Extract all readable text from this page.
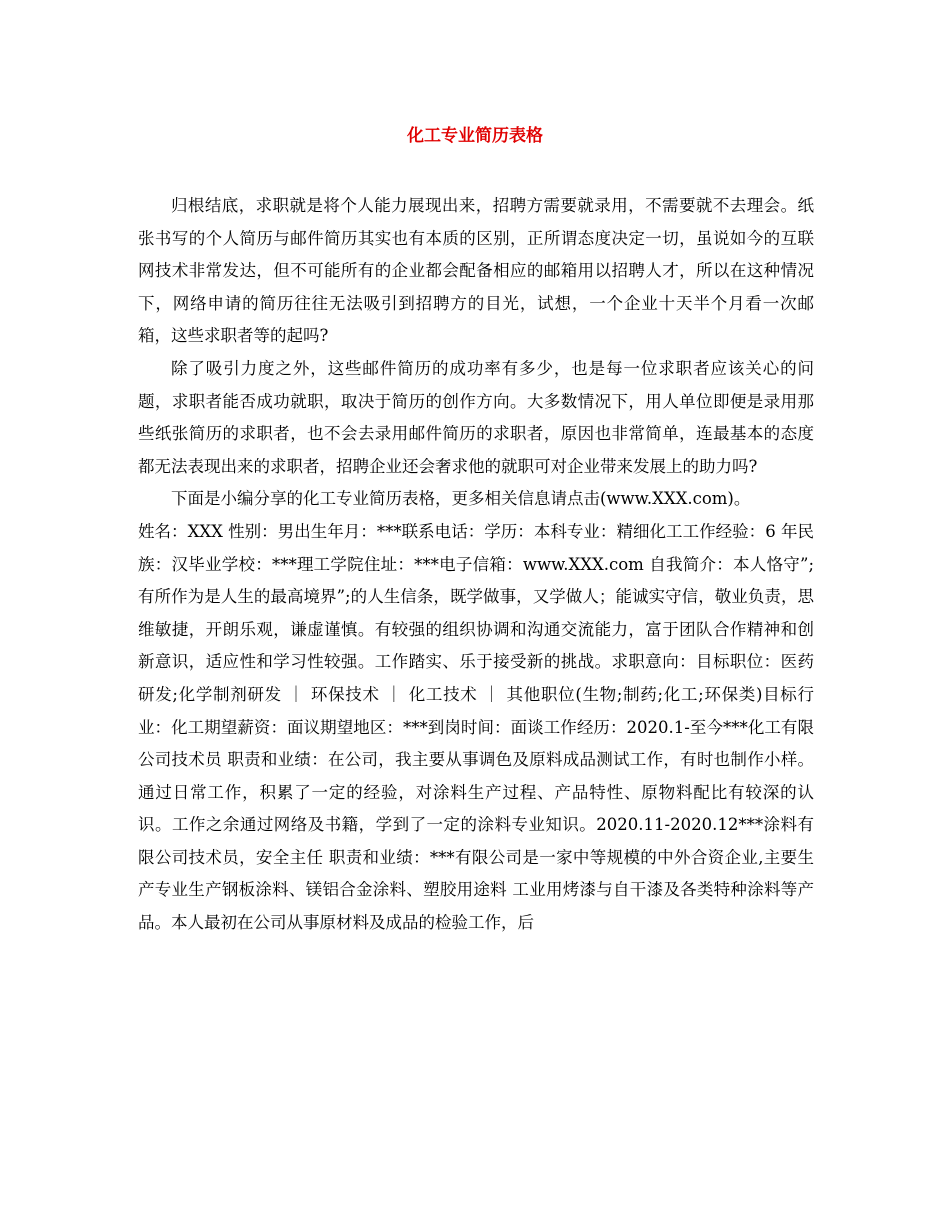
化工专业简历表格

归根结底，求职就是将个人能力展现出来，招聘方需要就录用，不需要就不去理会。纸张书写的个人简历与邮件简历其实也有本质的区别，正所谓态度决定一切，虽说如今的互联网技术非常发达，但不可能所有的企业都会配备相应的邮箱用以招聘人才，所以在这种情况下，网络申请的简历往往无法吸引到招聘方的目光，试想，一个企业十天半个月看一次邮箱，这些求职者等的起吗?

除了吸引力度之外，这些邮件简历的成功率有多少，也是每一位求职者应该关心的问题，求职者能否成功就职，取决于简历的创作方向。大多数情况下，用人单位即便是录用那些纸张简历的求职者，也不会去录用邮件简历的求职者，原因也非常简单，连最基本的态度都无法表现出来的求职者，招聘企业还会奢求他的就职可对企业带来发展上的助力吗?

下面是小编分享的化工专业简历表格，更多相关信息请点击(www.XXX.com)。

姓名：XXX 性别：男出生年月：***联系电话：学历：本科专业：精细化工工作经验：6 年民族：汉毕业学校：***理工学院住址：***电子信箱：www.XXX.com 自我简介：本人恪守”;有所作为是人生的最高境界”;的人生信条，既学做事，又学做人；能诚实守信，敬业负责，思维敏捷，开朗乐观，谦虚谨慎。有较强的组织协调和沟通交流能力，富于团队合作精神和创新意识，适应性和学习性较强。工作踏实、乐于接受新的挑战。求职意向：目标职位：医药研发;化学制剂研发 ｜ 环保技术 ｜ 化工技术 ｜ 其他职位(生物;制药;化工;环保类)目标行业：化工期望薪资：面议期望地区：***到岗时间：面谈工作经历：2020.1-至今***化工有限公司技术员 职责和业绩：在公司，我主要从事调色及原料成品测试工作，有时也制作小样。通过日常工作，积累了一定的经验，对涂料生产过程、产品特性、原物料配比有较深的认识。工作之余通过网络及书籍，学到了一定的涂料专业知识。2020.11-2020.12***涂料有限公司技术员，安全主任 职责和业绩：***有限公司是一家中等规模的中外合资企业,主要生产专业生产钢板涂料、镁铝合金涂料、塑胶用途料 工业用烤漆与自干漆及各类特种涂料等产品。本人最初在公司从事原材料及成品的检验工作，后
